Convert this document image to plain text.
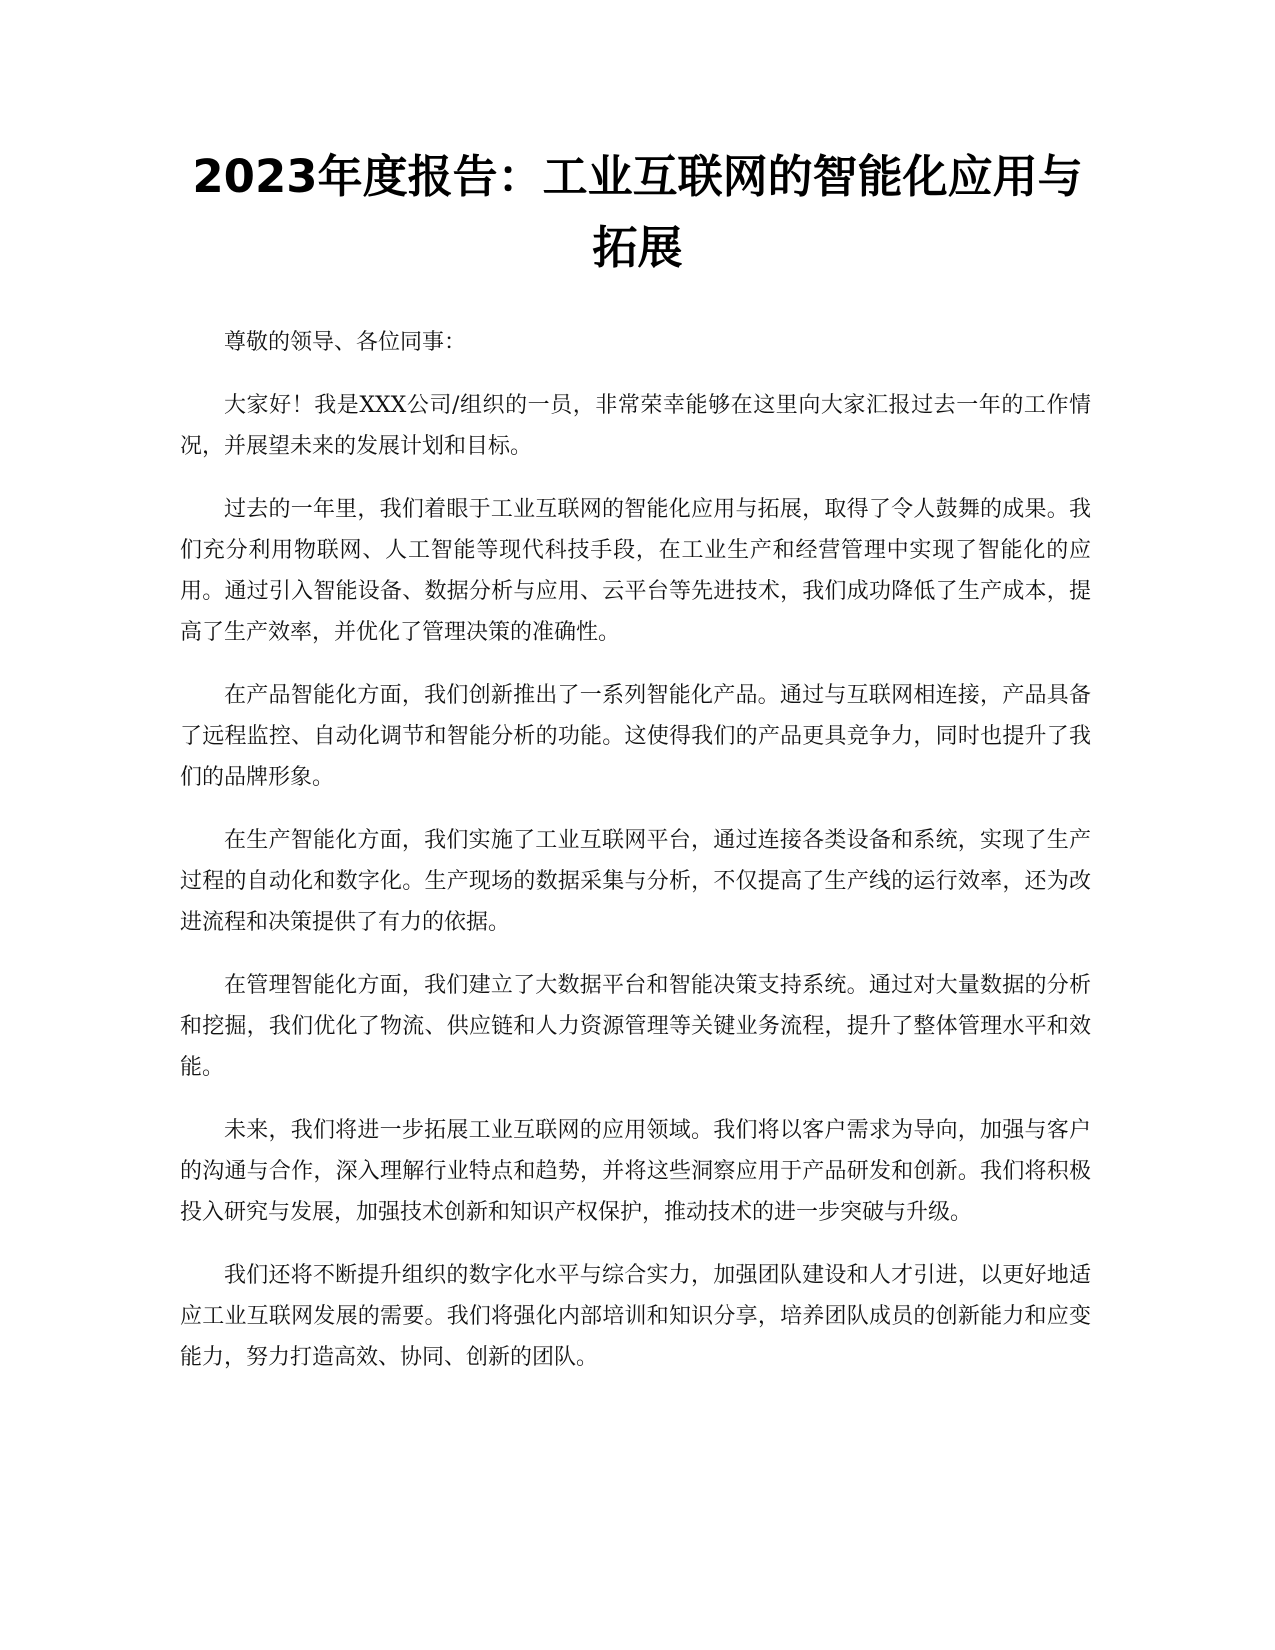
2023年度报告：工业互联网的智能化应用与拓展

尊敬的领导、各位同事：

大家好！我是XXX公司/组织的一员，非常荣幸能够在这里向大家汇报过去一年的工作情况，并展望未来的发展计划和目标。

过去的一年里，我们着眼于工业互联网的智能化应用与拓展，取得了令人鼓舞的成果。我们充分利用物联网、人工智能等现代科技手段，在工业生产和经营管理中实现了智能化的应用。通过引入智能设备、数据分析与应用、云平台等先进技术，我们成功降低了生产成本，提高了生产效率，并优化了管理决策的准确性。

在产品智能化方面，我们创新推出了一系列智能化产品。通过与互联网相连接，产品具备了远程监控、自动化调节和智能分析的功能。这使得我们的产品更具竞争力，同时也提升了我们的品牌形象。

在生产智能化方面，我们实施了工业互联网平台，通过连接各类设备和系统，实现了生产过程的自动化和数字化。生产现场的数据采集与分析，不仅提高了生产线的运行效率，还为改进流程和决策提供了有力的依据。

在管理智能化方面，我们建立了大数据平台和智能决策支持系统。通过对大量数据的分析和挖掘，我们优化了物流、供应链和人力资源管理等关键业务流程，提升了整体管理水平和效能。

未来，我们将进一步拓展工业互联网的应用领域。我们将以客户需求为导向，加强与客户的沟通与合作，深入理解行业特点和趋势，并将这些洞察应用于产品研发和创新。我们将积极投入研究与发展，加强技术创新和知识产权保护，推动技术的进一步突破与升级。

我们还将不断提升组织的数字化水平与综合实力，加强团队建设和人才引进，以更好地适应工业互联网发展的需要。我们将强化内部培训和知识分享，培养团队成员的创新能力和应变能力，努力打造高效、协同、创新的团队。
